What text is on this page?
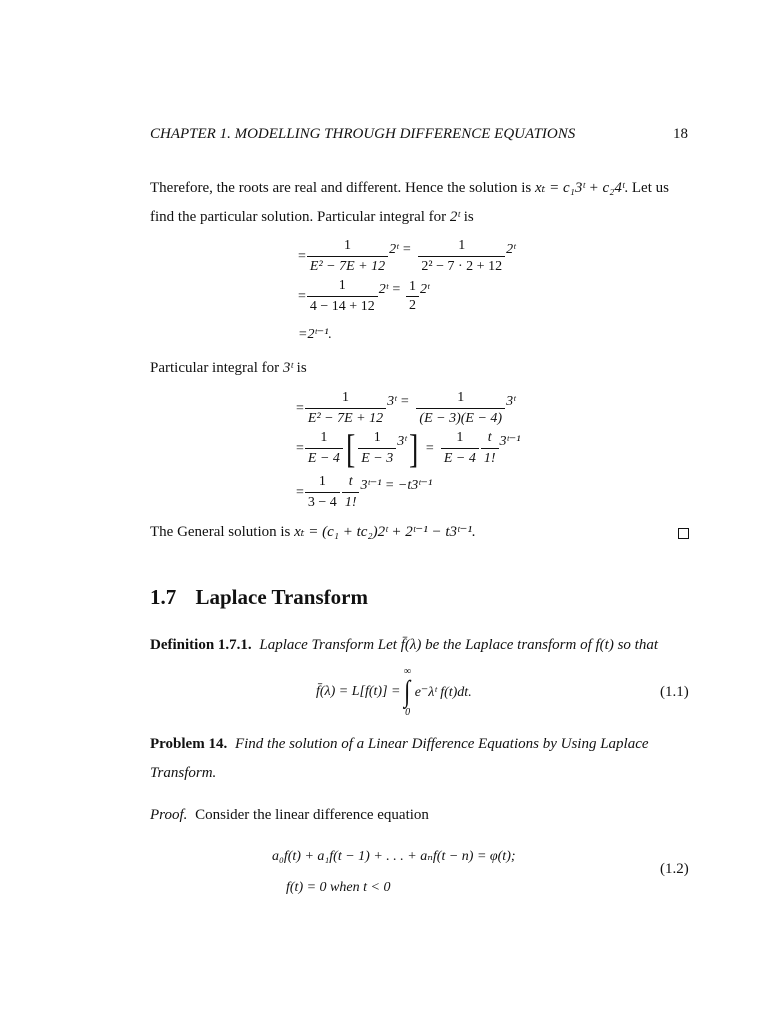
CHAPTER 1. MODELLING THROUGH DIFFERENCE EQUATIONS	18
Therefore, the roots are real and different. Hence the solution is xₜ = c₁3ᵗ + c₂4ᵗ. Let us
find the particular solution. Particular integral for 2ᵗ is
= $\frac{1}{\text{E² − 7E + 12}}$ 2ᵗ = $\frac{1}{\text{2² − 7 · 2 + 12}}$ 2ᵗ
= $\frac{1}{4 - 14 + 12}$ 2ᵗ = $\frac{1}{2}$ 2ᵗ
=2ᵗ⁻¹.
Particular integral for 3ᵗ is
= $\frac{1}{\text{E² − 7E + 12}}$ 3ᵗ = $\frac{1}{(E - 3)(E - 4)}$ 3ᵗ
= $\frac{1}{E - 4}$ [ $\frac{1}{E - 3}$ 3ᵗ ] = $\frac{1}{E - 4} \frac{t}{1!}$ 3ᵗ⁻¹
= $\frac{1}{3 - 4} \frac{t}{1!}$ 3ᵗ⁻¹ = −t3ᵗ⁻¹
The General solution is xₜ = (c₁ + tc₂)2ᵗ + 2ᵗ⁻¹ − t3ᵗ⁻¹.
1.7 Laplace Transform
Definition 1.7.1. Laplace Transform Let f̄(λ) be the Laplace transform of f(t) so that
f̄(λ) = L[f(t)] =
∞
∫
0
e⁻λᵗ f(t)dt.	(1.1)
Problem 14. Find the solution of a Linear Difference Equations by Using Laplace
Transform.
Proof. Consider the linear difference equation
a₀f(t) + a₁f(t − 1) + . . . + aₙf(t − n) = φ(t);
f(t) = 0 when t < 0
(1.2)
